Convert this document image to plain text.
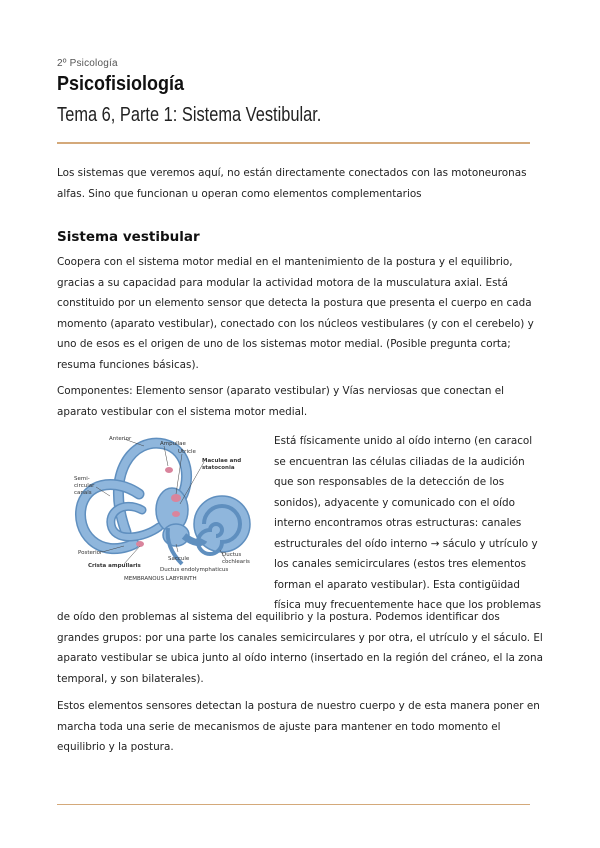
2º Psicología
Psicofisiología
Tema 6, Parte 1: Sistema Vestibular.

Los sistemas que veremos aquí, no están directamente conectados con las motoneuronas alfas. Sino que funcionan u operan como elementos complementarios

Sistema vestibular

Coopera con el sistema motor medial en el mantenimiento de la postura y el equilibrio, gracias a su capacidad para modular la actividad motora de la musculatura axial. Está constituido por un elemento sensor que detecta la postura que presenta el cuerpo en cada momento (aparato vestibular), conectado con los núcleos vestibulares (y con el cerebelo) y uno de esos es el origen de uno de los sistemas motor medial. (Posible pregunta corta; resuma funciones básicas).

Componentes: Elemento sensor (aparato vestibular) y Vías nerviosas que conectan el aparato vestibular con el sistema motor medial.

Anterior
Ampullae
Utricle
Maculae and
statoconia
Semi-
circular
canals
Posterior
Crista ampullaris
Saccule
Ductus
cochlearis
Ductus endolymphaticus
MEMBRANOUS LABYRINTH

Está físicamente unido al oído interno (en caracol se encuentran las células ciliadas de la audición que son responsables de la detección de los sonidos), adyacente y comunicado con el oído interno encontramos otras estructuras: canales estructurales del oído interno → sáculo y utrículo y los canales semicirculares (estos tres elementos forman el aparato vestibular). Esta contigüidad física muy frecuentemente hace que los problemas

de oído den problemas al sistema del equilibrio y la postura. Podemos identificar dos grandes grupos: por una parte los canales semicirculares y por otra, el utrículo y el sáculo. El aparato vestibular se ubica junto al oído interno (insertado en la región del cráneo, el la zona temporal, y son bilaterales).

Estos elementos sensores detectan la postura de nuestro cuerpo y de esta manera poner en marcha toda una serie de mecanismos de ajuste para mantener en todo momento el equilibrio y la postura.
